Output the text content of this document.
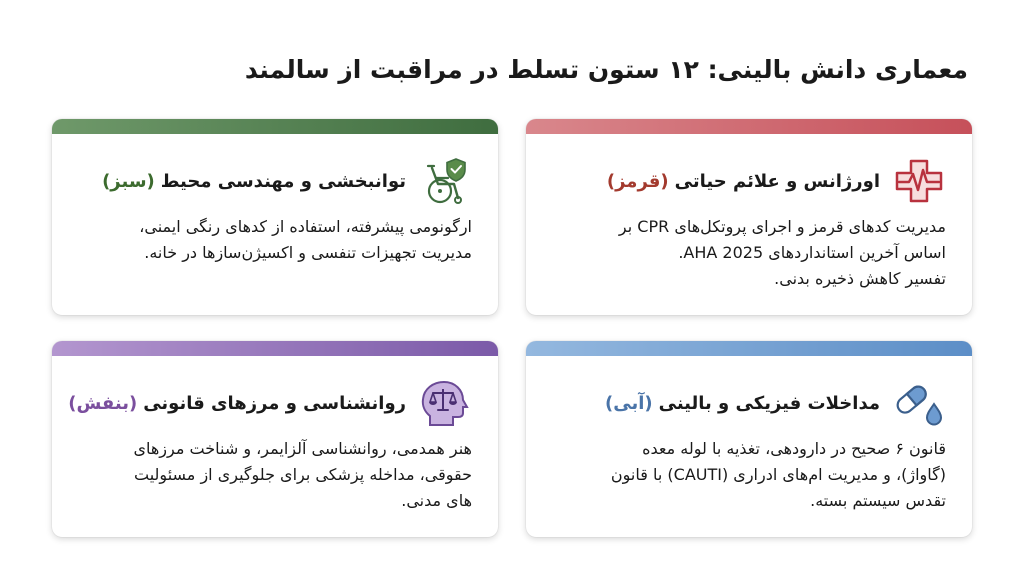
معماری دانش بالینی: ۱۲ ستون تسلط در مراقبت از سالمند
اورژانس و علائم حیاتی(قرمز)
مدیریت کدهای قرمز و اجرای پروتکل‌های CPR بر
اساس آخرین استانداردهای AHA 2025.
تفسیر کاهش ذخیره بدنی.
توانبخشی و مهندسی محیط(سبز)
ارگونومی پیشرفته، استفاده از کدهای رنگی ایمنی،
مدیریت تجهیزات تنفسی و اکسیژن‌سازها در خانه.
مداخلات فیزیکی و بالینی(آبی)
قانون ۶ صحیح در دارودهی، تغذیه با لوله معده
(گاواژ)، و مدیریت ام‌های ادراری (CAUTI) با قانون
تقدس سیستم بسته.
روانشناسی و مرزهای قانونی(بنفش)
هنر همدمی، روانشناسی آلزایمر، و شناخت مرزهای
حقوقی، مداخله پزشکی برای جلوگیری از مسئولیت
های مدنی.
